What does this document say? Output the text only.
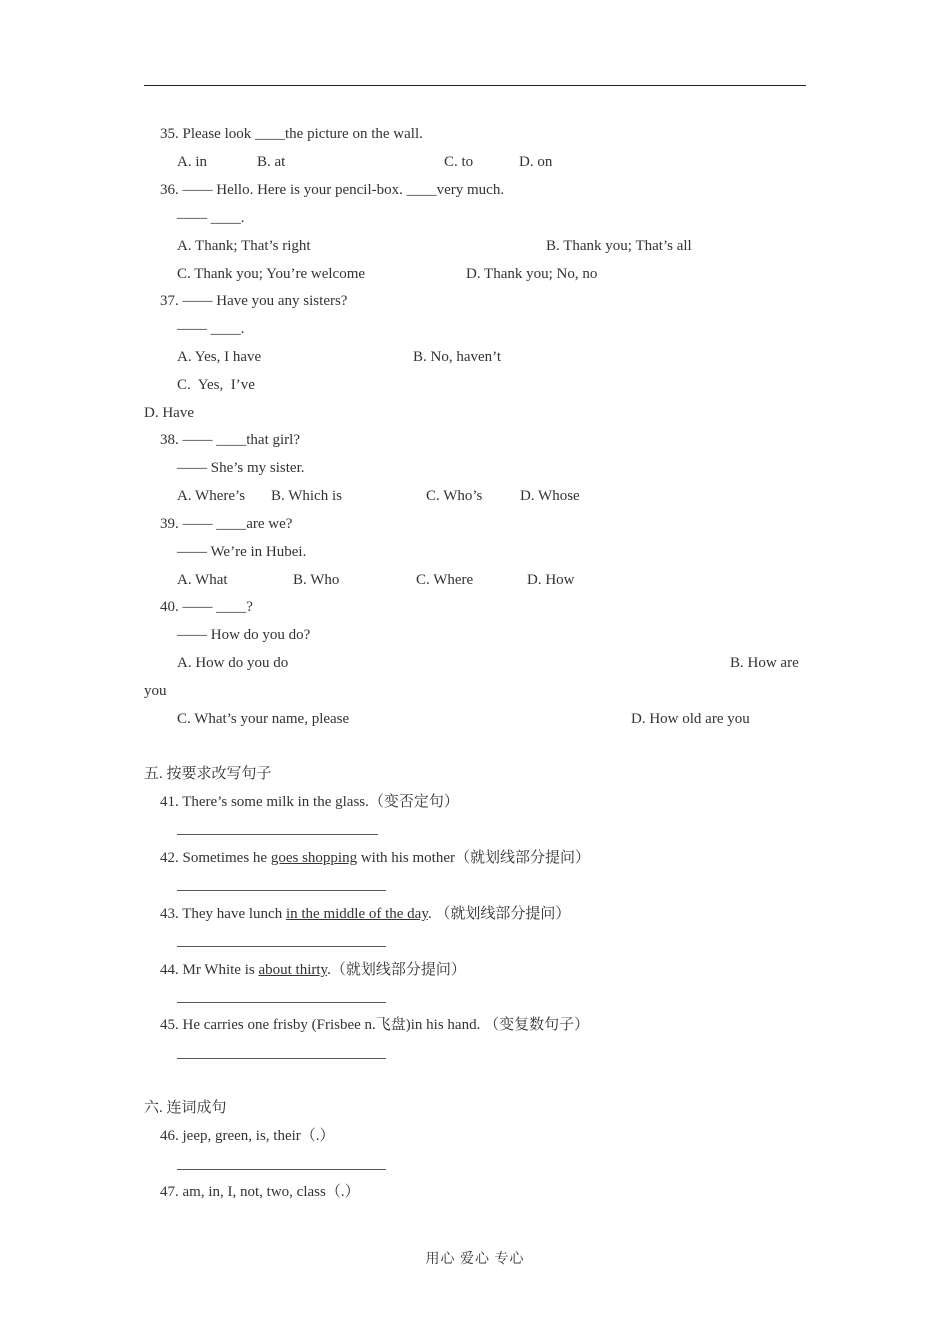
35. Please look ____the picture on the wall.
A. in	B. at	C. to	D. on
36. —— Hello. Here is your pencil-box. ____very much.
—— ____.
A. Thank; That’s right	B. Thank you; That’s all
C. Thank you; You’re welcome	D. Thank you; No, no
37. —— Have you any sisters?
—— ____.
A. Yes, I have	B. No, haven’t
C.  Yes,  I’ve
D. Have
38. —— ____that girl?
—— She’s my sister.
A. Where’s B. Which is	C. Who’s	D. Whose
39. —— ____are we?
—— We’re in Hubei.
A. What	B. Who	C. Where	D. How
40. —— ____?
—— How do you do?
A. How do you do	B. How are
you
C. What’s your name, please	D. How old are you
五. 按要求改写句子
41. There’s some milk in the glass.（变否定句）
42. Sometimes he goes shopping with his mother（就划线部分提问）
43. They have lunch in the middle of the day. （就划线部分提问）
44. Mr White is about thirty.（就划线部分提问）
45. He carries one frisby (Frisbee n.飞盘)in his hand. （变复数句子）
六. 连词成句
46. jeep, green, is, their（.）
47. am, in, I, not, two, class（.）
用心 爱心 专心
